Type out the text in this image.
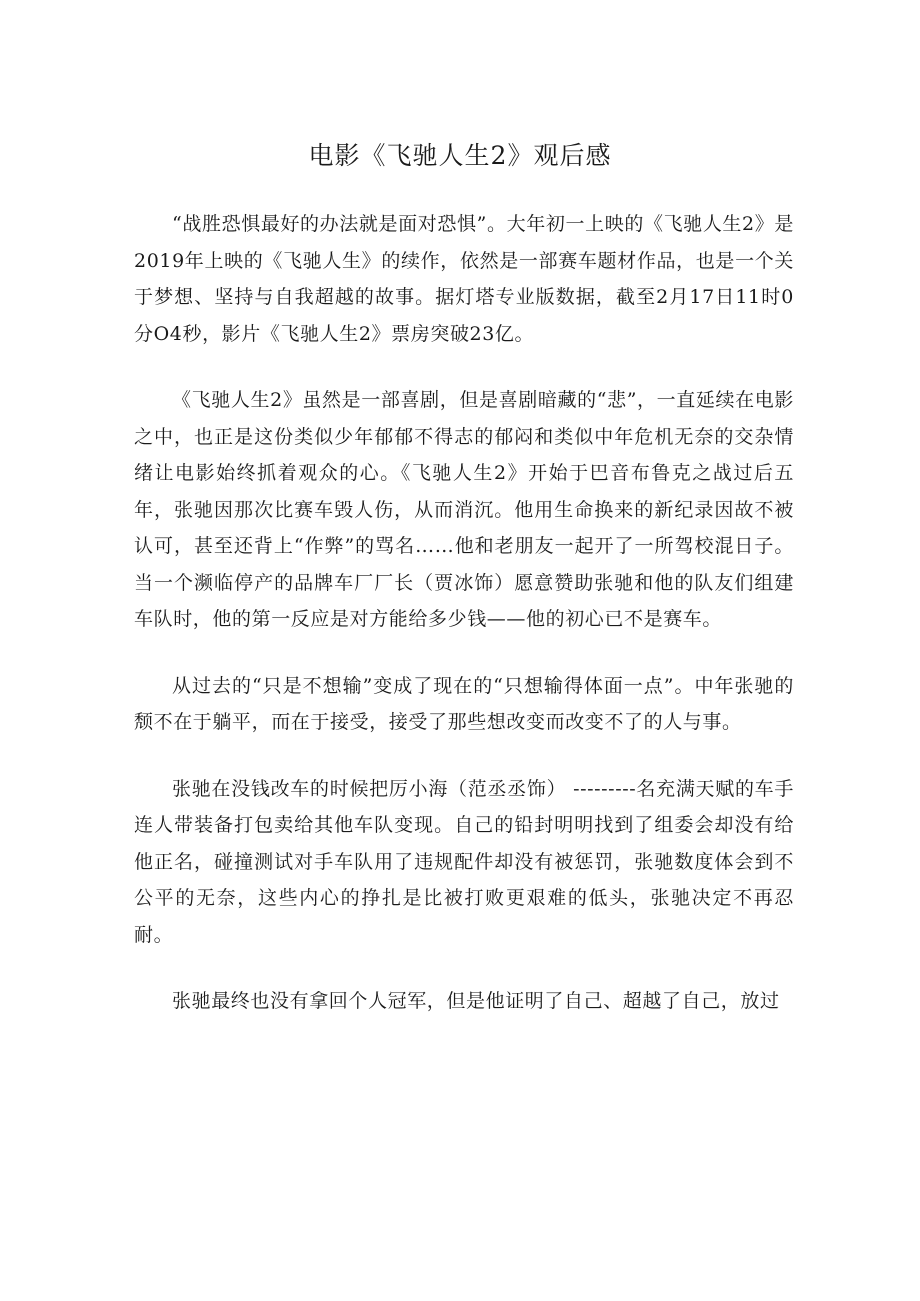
电影《飞驰人生2》观后感

“战胜恐惧最好的办法就是面对恐惧”。大年初一上映的《飞驰人生2》是2019年上映的《飞驰人生》的续作，依然是一部赛车题材作品，也是一个关于梦想、坚持与自我超越的故事。据灯塔专业版数据，截至2月17日11时0分O4秒，影片《飞驰人生2》票房突破23亿。

《飞驰人生2》虽然是一部喜剧，但是喜剧暗藏的“悲”，一直延续在电影之中，也正是这份类似少年郁郁不得志的郁闷和类似中年危机无奈的交杂情绪让电影始终抓着观众的心。《飞驰人生2》开始于巴音布鲁克之战过后五年，张驰因那次比赛车毁人伤，从而消沉。他用生命换来的新纪录因故不被认可，甚至还背上“作弊”的骂名……他和老朋友一起开了一所驾校混日子。当一个濒临停产的品牌车厂厂长（贾冰饰）愿意赞助张驰和他的队友们组建车队时，他的第一反应是对方能给多少钱——他的初心已不是赛车。

从过去的“只是不想输”变成了现在的“只想输得体面一点”。中年张驰的颓不在于躺平，而在于接受，接受了那些想改变而改变不了的人与事。

张驰在没钱改车的时候把厉小海（范丞丞饰） ---------名充满天赋的车手连人带装备打包卖给其他车队变现。自己的铅封明明找到了组委会却没有给他正名，碰撞测试对手车队用了违规配件却没有被惩罚，张驰数度体会到不公平的无奈，这些内心的挣扎是比被打败更艰难的低头，张驰决定不再忍耐。

张驰最终也没有拿回个人冠军，但是他证明了自己、超越了自己，放过
